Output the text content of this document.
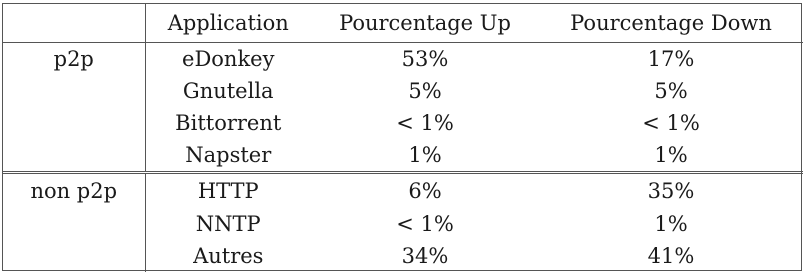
	Application	Pourcentage Up	Pourcentage Down
p2p	eDonkey	53%	17%
	Gnutella	5%	5%
	Bittorrent	< 1%	< 1%
	Napster	1%	1%
non p2p	HTTP	6%	35%
	NNTP	< 1%	1%
	Autres	34%	41%
